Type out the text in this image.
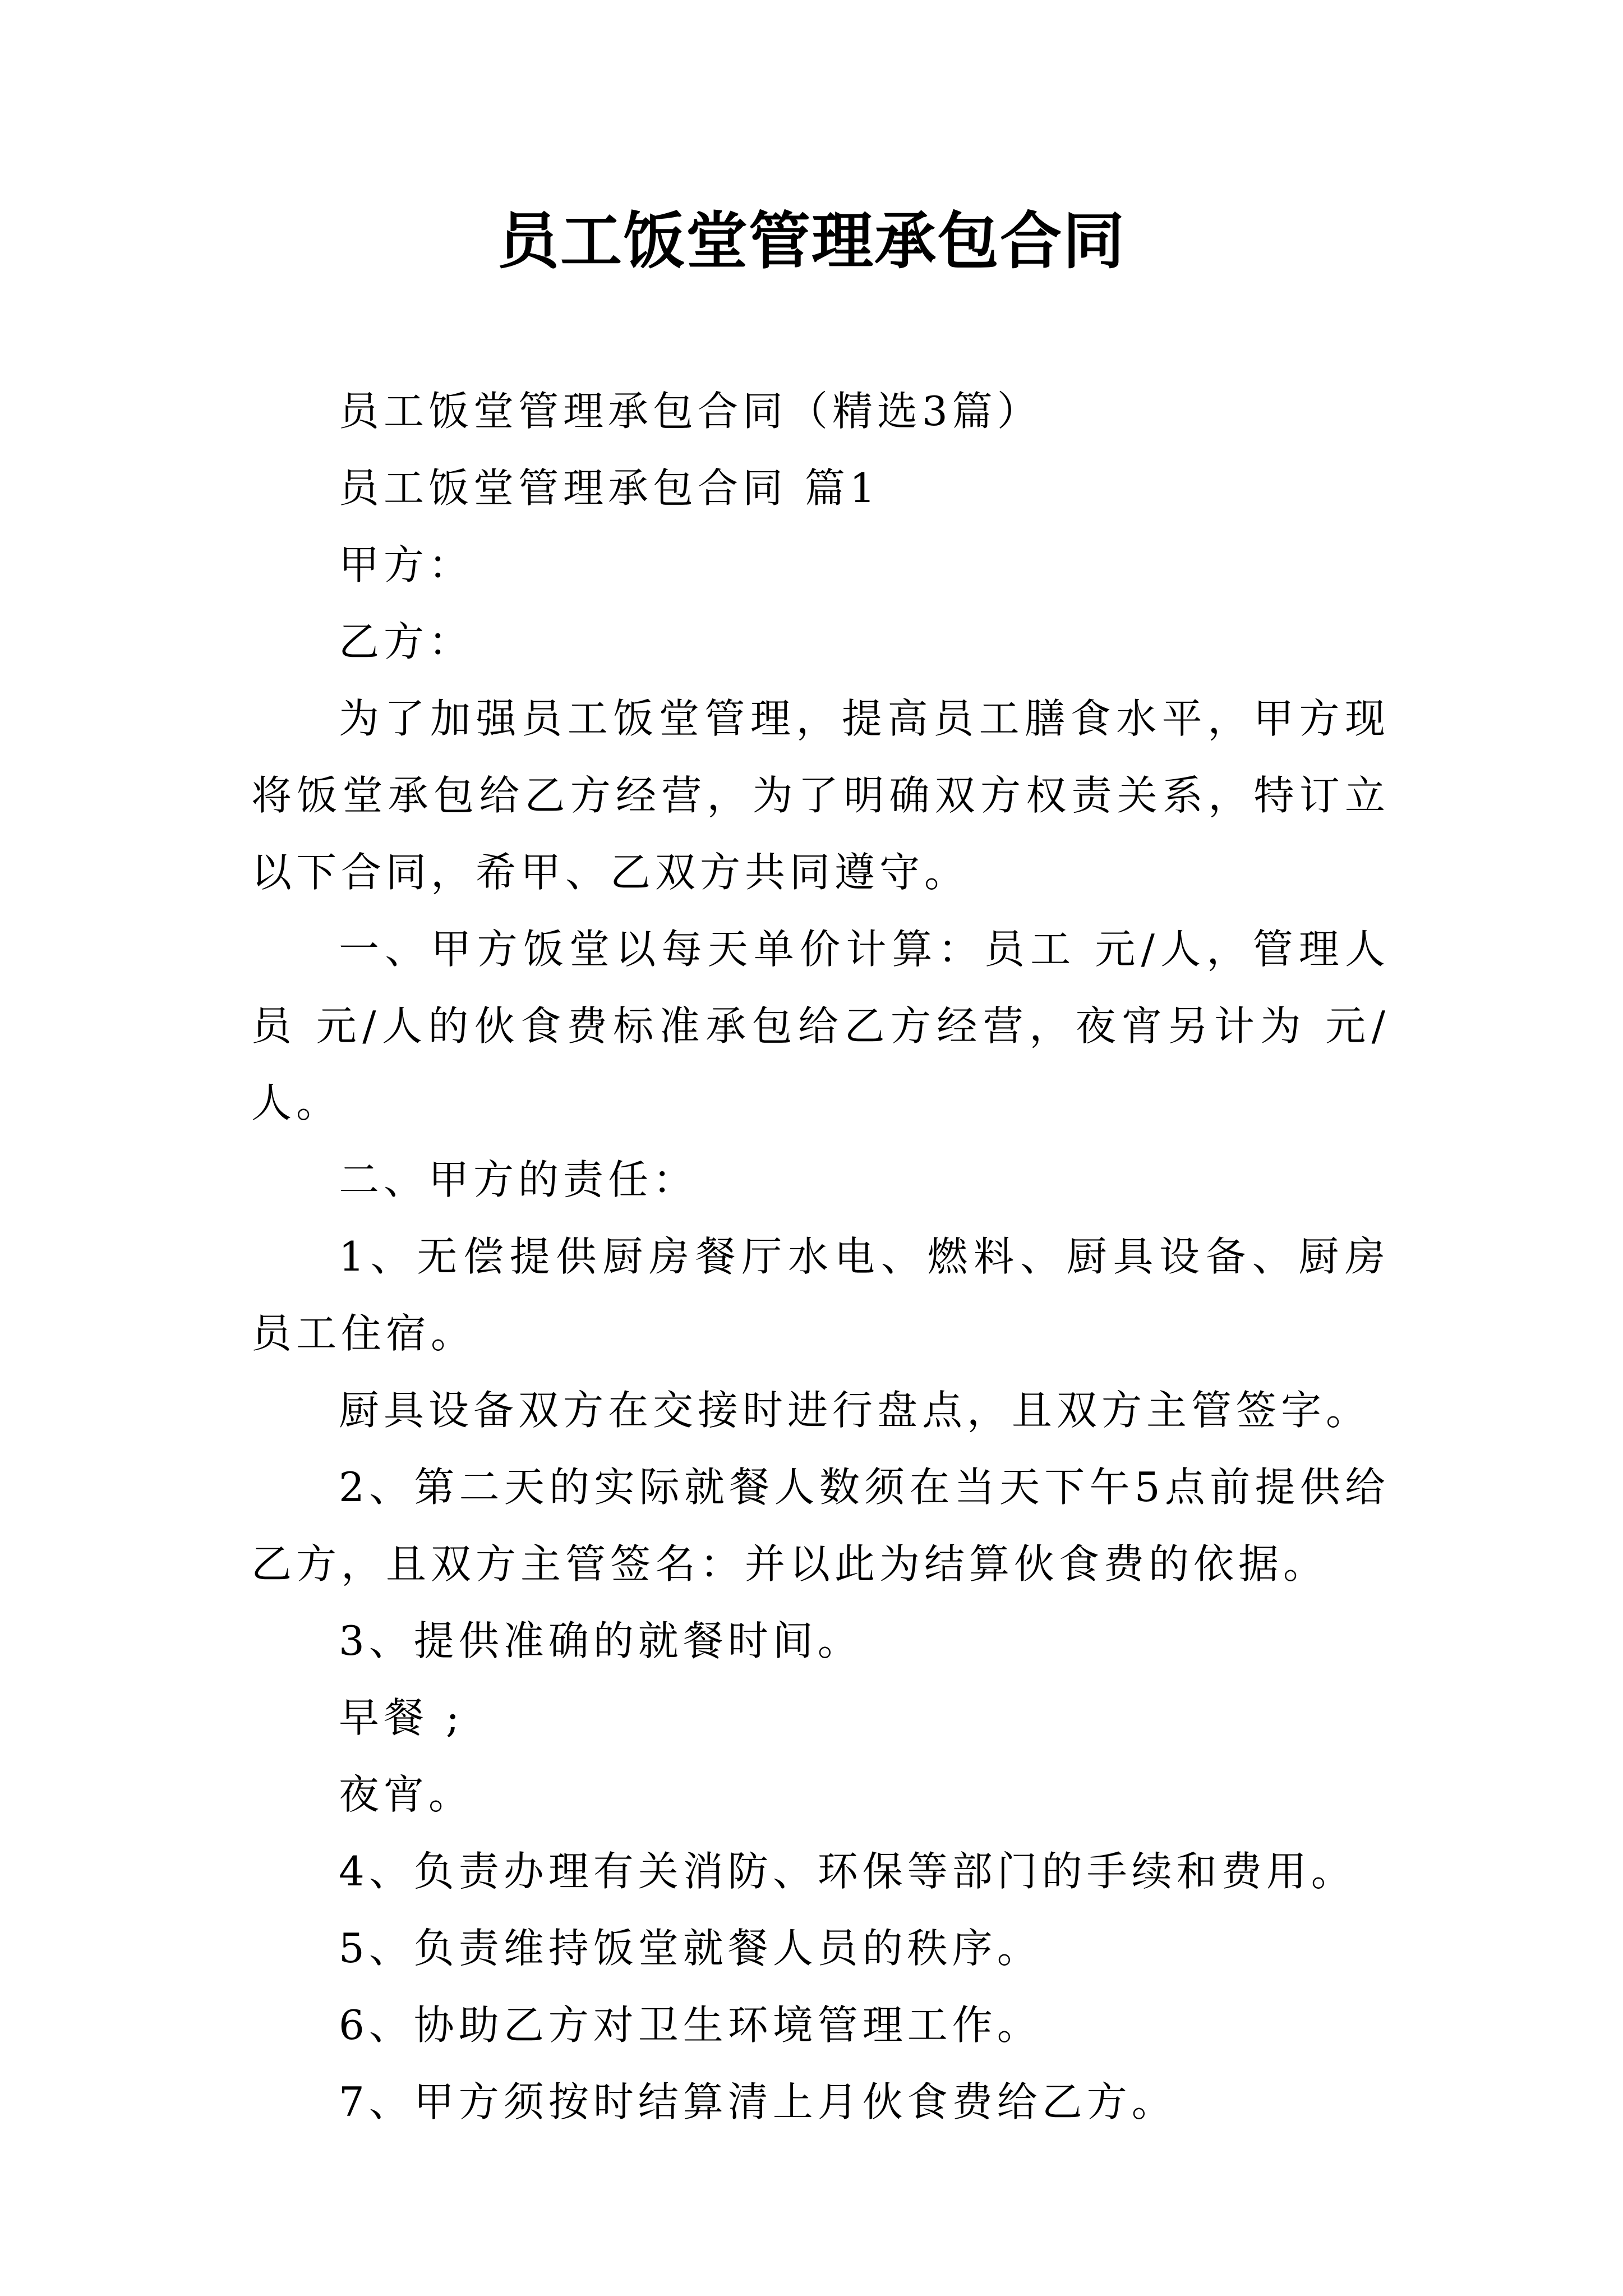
员工饭堂管理承包合同

员工饭堂管理承包合同（精选3篇）

员工饭堂管理承包合同 篇1

甲方：

乙方：

为了加强员工饭堂管理，提高员工膳食水平，甲方现将饭堂承包给乙方经营，为了明确双方权责关系，特订立以下合同，希甲、乙双方共同遵守。

一、甲方饭堂以每天单价计算：员工 元/人，管理人员 元/人的伙食费标准承包给乙方经营，夜宵另计为 元/人。

二、甲方的责任：

1、无偿提供厨房餐厅水电、燃料、厨具设备、厨房员工住宿。

厨具设备双方在交接时进行盘点，且双方主管签字。

2、第二天的实际就餐人数须在当天下午5点前提供给乙方，且双方主管签名：并以此为结算伙食费的依据。

3、提供准确的就餐时间。

早餐 ;

夜宵。

4、负责办理有关消防、环保等部门的手续和费用。

5、负责维持饭堂就餐人员的秩序。

6、协助乙方对卫生环境管理工作。

7、甲方须按时结算清上月伙食费给乙方。
